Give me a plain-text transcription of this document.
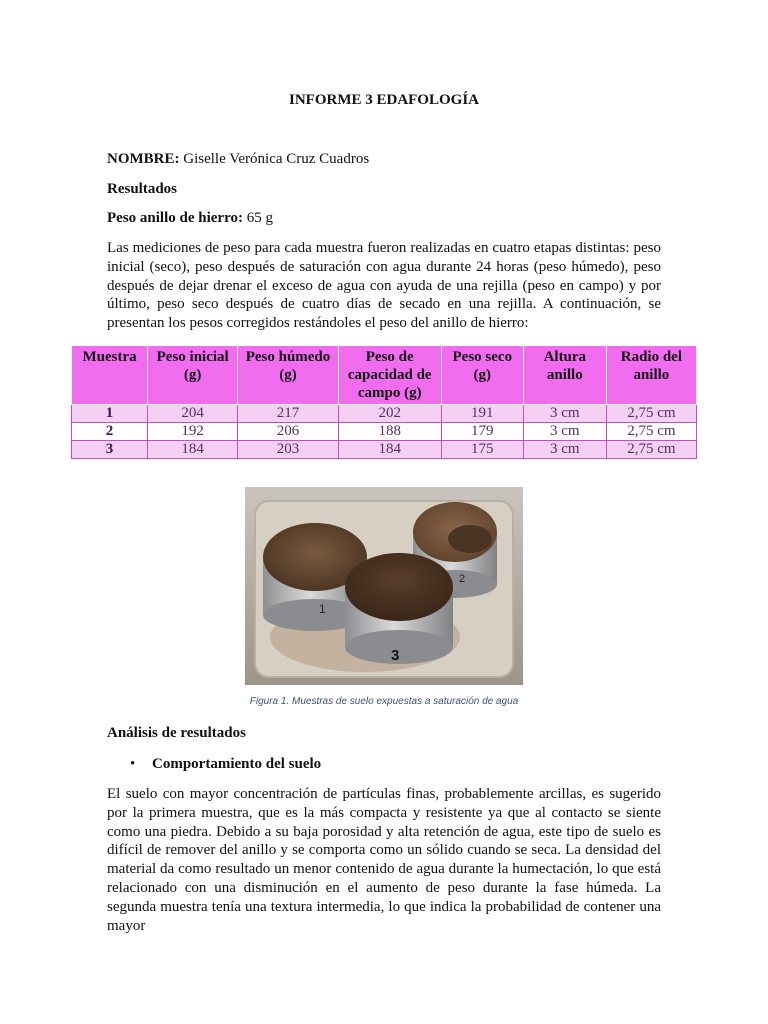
INFORME 3 EDAFOLOGÍA
NOMBRE: Giselle Verónica Cruz Cuadros
Resultados
Peso anillo de hierro: 65 g
Las mediciones de peso para cada muestra fueron realizadas en cuatro etapas distintas: peso inicial (seco), peso después de saturación con agua durante 24 horas (peso húmedo), peso después de dejar drenar el exceso de agua con ayuda de una rejilla (peso en campo) y por último, peso seco después de cuatro días de secado en una rejilla. A continuación, se presentan los pesos corregidos restándoles el peso del anillo de hierro:
Muestra	Peso inicial (g)	Peso húmedo (g)	Peso de capacidad de campo (g)	Peso seco (g)	Altura anillo	Radio del anillo
1	204	217	202	191	3 cm	2,75 cm
2	192	206	188	179	3 cm	2,75 cm
3	184	203	184	175	3 cm	2,75 cm
2
1
3
Figura 1. Muestras de suelo expuestas a saturación de agua
Análisis de resultados
• Comportamiento del suelo
El suelo con mayor concentración de partículas finas, probablemente arcillas, es sugerido por la primera muestra, que es la más compacta y resistente ya que al contacto se siente como una piedra. Debido a su baja porosidad y alta retención de agua, este tipo de suelo es difícil de remover del anillo y se comporta como un sólido cuando se seca. La densidad del material da como resultado un menor contenido de agua durante la humectación, lo que está relacionado con una disminución en el aumento de peso durante la fase húmeda. La segunda muestra tenía una textura intermedia, lo que indica la probabilidad de contener una mayor
